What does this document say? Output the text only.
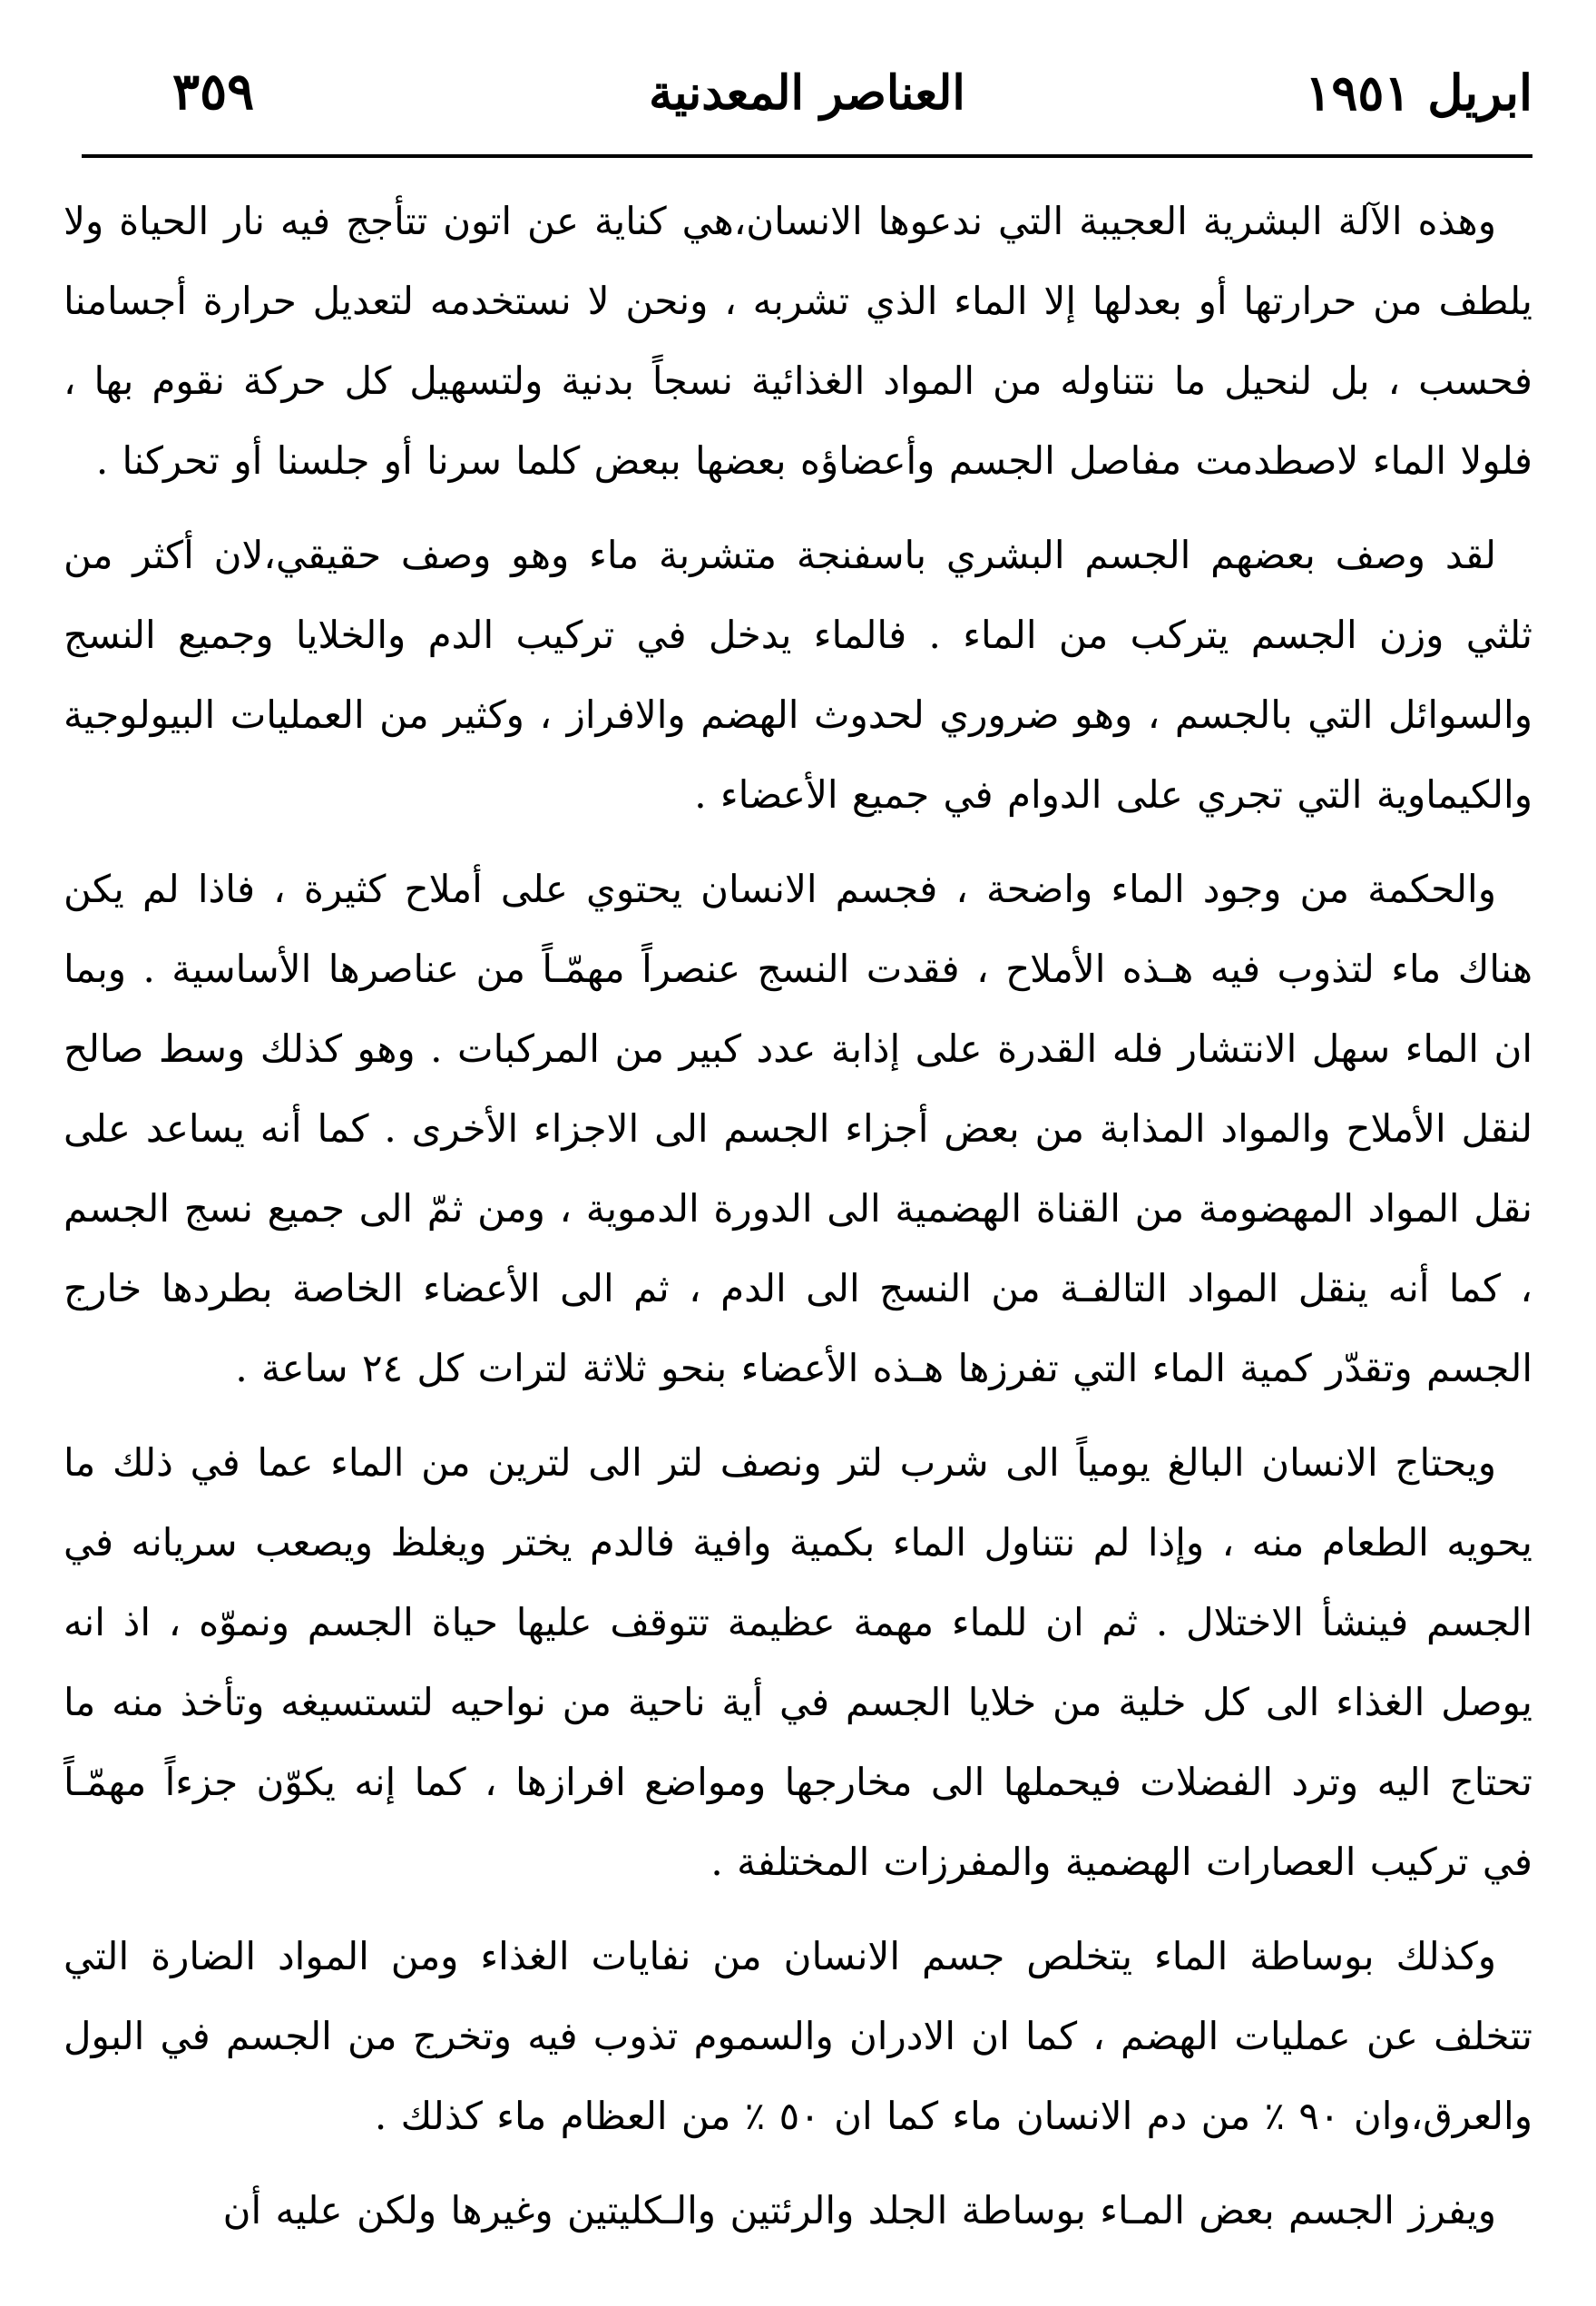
ابريل ١٩٥١
العناصر المعدنية
٣٥٩

وهذه الآلة البشرية العجيبة التي ندعوها الانسان،هي كناية عن اتون تتأجج فيه نار الحياة ولا يلطف من حرارتها أو بعدلها إلا الماء الذي تشربه ، ونحن لا نستخدمه لتعديل حرارة أجسامنا فحسب ، بل لنحيل ما نتناوله من المواد الغذائية نسجاً بدنية ولتسهيل كل حركة نقوم بها ، فلولا الماء لاصطدمت مفاصل الجسم وأعضاؤه بعضها ببعض كلما سرنا أو جلسنا أو تحركنا .

لقد وصف بعضهم الجسم البشري باسفنجة متشربة ماء وهو وصف حقيقي،لان أكثر من ثلثي وزن الجسم يتركب من الماء . فالماء يدخل في تركيب الدم والخلايا وجميع النسج والسوائل التي بالجسم ، وهو ضروري لحدوث الهضم والافراز ، وكثير من العمليات البيولوجية والكيماوية التي تجري على الدوام في جميع الأعضاء .

والحكمة من وجود الماء واضحة ، فجسم الانسان يحتوي على أملاح كثيرة ، فاذا لم يكن هناك ماء لتذوب فيه هـذه الأملاح ، فقدت النسج عنصراً مهمّـاً من عناصرها الأساسية . وبما ان الماء سهل الانتشار فله القدرة على إذابة عدد كبير من المركبات . وهو كذلك وسط صالح لنقل الأملاح والمواد المذابة من بعض أجزاء الجسم الى الاجزاء الأخرى . كما أنه يساعد على نقل المواد المهضومة من القناة الهضمية الى الدورة الدموية ، ومن ثمّ الى جميع نسج الجسم ، كما أنه ينقل المواد التالفـة من النسج الى الدم ، ثم الى الأعضاء الخاصة بطردها خارج الجسم وتقدّر كمية الماء التي تفرزها هـذه الأعضاء بنحو ثلاثة لترات كل ٢٤ ساعة .

ويحتاج الانسان البالغ يومياً الى شرب لتر ونصف لتر الى لترين من الماء عما في ذلك ما يحويه الطعام منه ، وإذا لم نتناول الماء بكمية وافية فالدم يختر ويغلظ ويصعب سريانه في الجسم فينشأ الاختلال . ثم ان للماء مهمة عظيمة تتوقف عليها حياة الجسم ونموّه ، اذ انه يوصل الغذاء الى كل خلية من خلايا الجسم في أية ناحية من نواحيه لتستسيغه وتأخذ منه ما تحتاج اليه وترد الفضلات فيحملها الى مخارجها ومواضع افرازها ، كما إنه يكوّن جزءاً مهمّـاً في تركيب العصارات الهضمية والمفرزات المختلفة .

وكذلك بوساطة الماء يتخلص جسم الانسان من نفايات الغذاء ومن المواد الضارة التي تتخلف عن عمليات الهضم ، كما ان الادران والسموم تذوب فيه وتخرج من الجسم في البول والعرق،وان ٩٠ ٪ من دم الانسان ماء كما ان ٥٠ ٪ من العظام ماء كذلك .

ويفرز الجسم بعض المـاء بوساطة الجلد والرئتين والـكليتين وغيرها ولكن عليه أن
